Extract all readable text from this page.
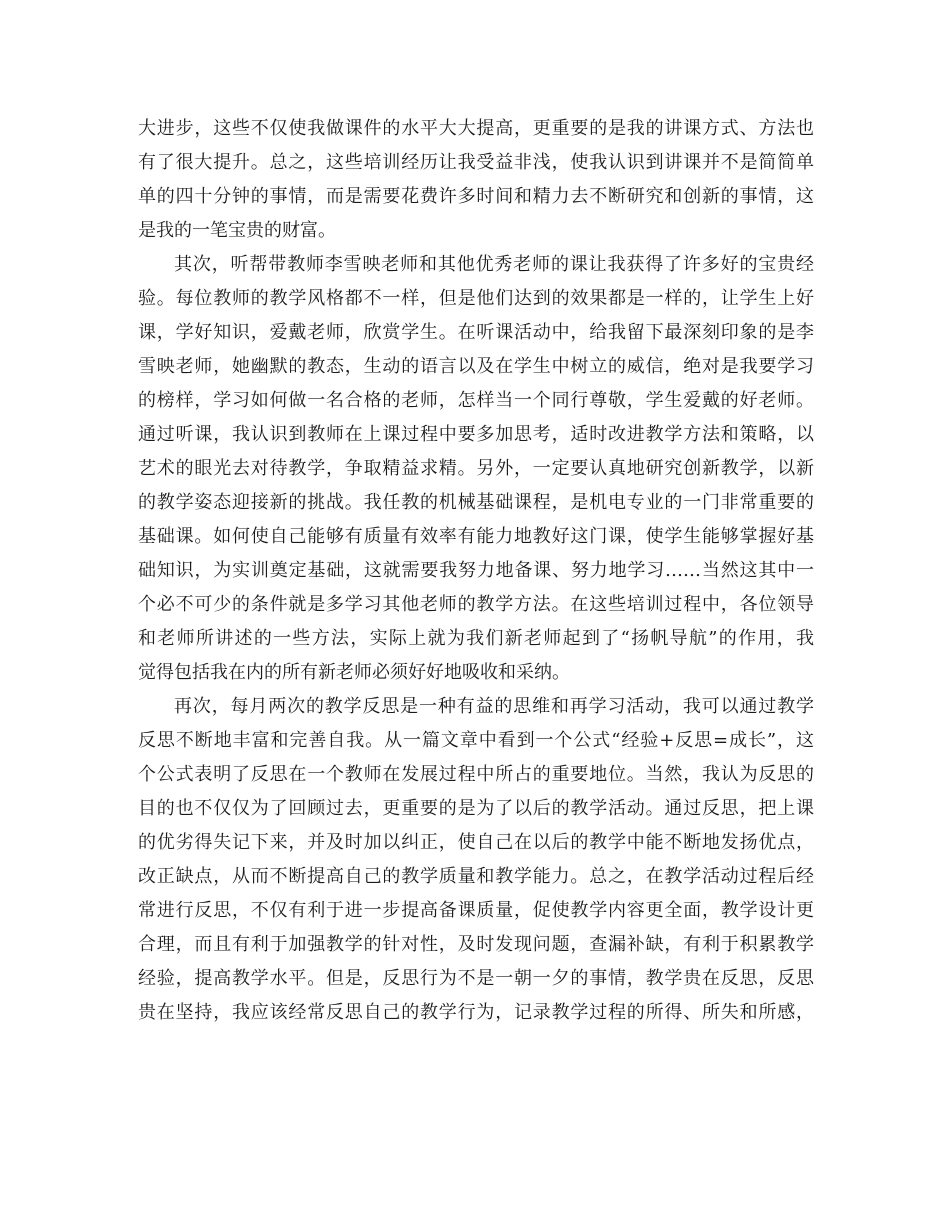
大进步，这些不仅使我做课件的水平大大提高，更重要的是我的讲课方式、方法也
有了很大提升。总之，这些培训经历让我受益非浅，使我认识到讲课并不是简简单
单的四十分钟的事情，而是需要花费许多时间和精力去不断研究和创新的事情，这
是我的一笔宝贵的财富。
其次，听帮带教师李雪映老师和其他优秀老师的课让我获得了许多好的宝贵经
验。每位教师的教学风格都不一样，但是他们达到的效果都是一样的，让学生上好
课，学好知识，爱戴老师，欣赏学生。在听课活动中，给我留下最深刻印象的是李
雪映老师，她幽默的教态，生动的语言以及在学生中树立的威信，绝对是我要学习
的榜样，学习如何做一名合格的老师，怎样当一个同行尊敬，学生爱戴的好老师。
通过听课，我认识到教师在上课过程中要多加思考，适时改进教学方法和策略，以
艺术的眼光去对待教学，争取精益求精。另外，一定要认真地研究创新教学，以新
的教学姿态迎接新的挑战。我任教的机械基础课程，是机电专业的一门非常重要的
基础课。如何使自己能够有质量有效率有能力地教好这门课，使学生能够掌握好基
础知识，为实训奠定基础，这就需要我努力地备课、努力地学习……当然这其中一
个必不可少的条件就是多学习其他老师的教学方法。在这些培训过程中，各位领导
和老师所讲述的一些方法，实际上就为我们新老师起到了“扬帆导航”的作用，我
觉得包括我在内的所有新老师必须好好地吸收和采纳。
再次，每月两次的教学反思是一种有益的思维和再学习活动，我可以通过教学
反思不断地丰富和完善自我。从一篇文章中看到一个公式“经验+反思=成长”，这
个公式表明了反思在一个教师在发展过程中所占的重要地位。当然，我认为反思的
目的也不仅仅为了回顾过去，更重要的是为了以后的教学活动。通过反思，把上课
的优劣得失记下来，并及时加以纠正，使自己在以后的教学中能不断地发扬优点，
改正缺点，从而不断提高自己的教学质量和教学能力。总之，在教学活动过程后经
常进行反思，不仅有利于进一步提高备课质量，促使教学内容更全面，教学设计更
合理，而且有利于加强教学的针对性，及时发现问题，查漏补缺，有利于积累教学
经验，提高教学水平。但是，反思行为不是一朝一夕的事情，教学贵在反思，反思
贵在坚持，我应该经常反思自己的教学行为，记录教学过程的所得、所失和所感，
